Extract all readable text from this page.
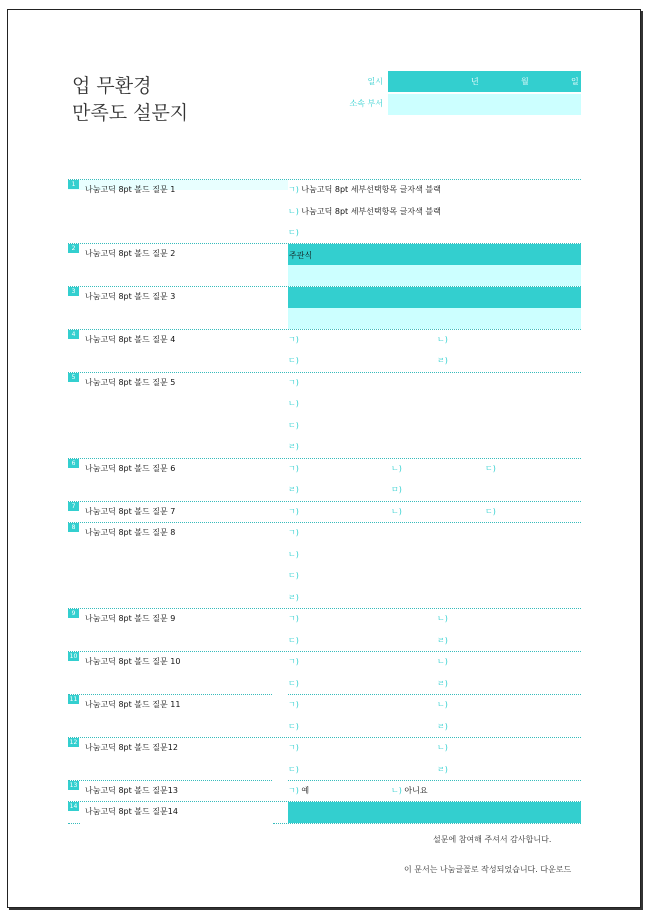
업 무환경
만족도 설문지
일시	년	월	일
소속 부서
1
나눔고딕 8pt 볼드 질문 1	ㄱ) 나눔고딕 8pt 세부선택항목 글자색 블랙
ㄴ) 나눔고딕 8pt 세부선택항목 글자색 블랙
ㄷ)
2
나눔고딕 8pt 볼드 질문 2	주관식
3
나눔고딕 8pt 볼드 질문 3
4
나눔고딕 8pt 볼드 질문 4	ㄱ)	ㄴ)
ㄷ)	ㄹ)
5
나눔고딕 8pt 볼드 질문 5	ㄱ)
ㄴ)
ㄷ)
ㄹ)
6
나눔고딕 8pt 볼드 질문 6	ㄱ)	ㄴ)	ㄷ)
ㄹ)	ㅁ)
7
나눔고딕 8pt 볼드 질문 7	ㄱ)	ㄴ)	ㄷ)
8
나눔고딕 8pt 볼드 질문 8	ㄱ)
ㄴ)
ㄷ)
ㄹ)
9
나눔고딕 8pt 볼드 질문 9	ㄱ)	ㄴ)
ㄷ)	ㄹ)
10
나눔고딕 8pt 볼드 질문 10	ㄱ)	ㄴ)
ㄷ)	ㄹ)
11
나눔고딕 8pt 볼드 질문 11	ㄱ)	ㄴ)
ㄷ)	ㄹ)
12
나눔고딕 8pt 볼드 질문12	ㄱ)	ㄴ)
ㄷ)	ㄹ)
13
나눔고딕 8pt 볼드 질문13	ㄱ) 예	ㄴ) 아니요
14
나눔고딕 8pt 볼드 질문14
설문에 참여해 주셔서 감사합니다.
이 문서는 나눔글꼴로 작성되었습니다. 다운로드
